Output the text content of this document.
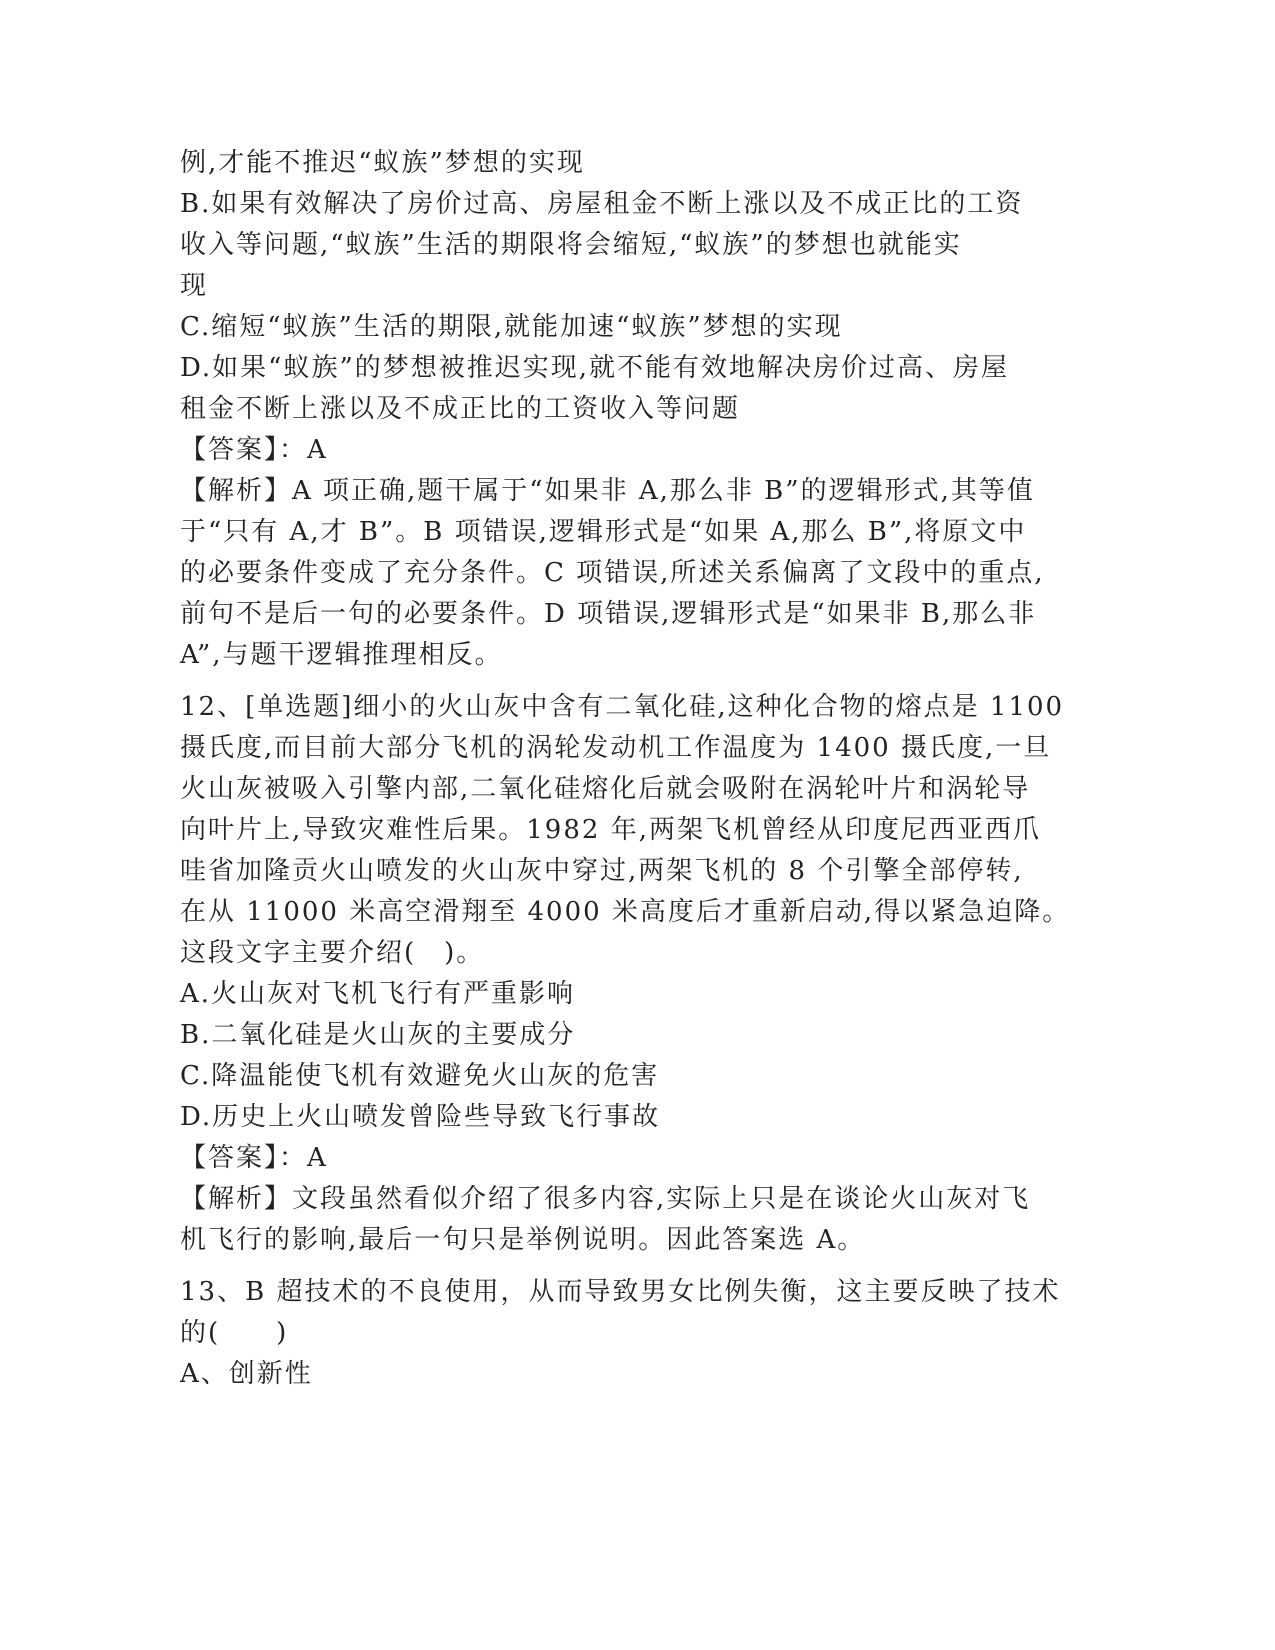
例,才能不推迟“蚁族”梦想的实现
B.如果有效解决了房价过高、房屋租金不断上涨以及不成正比的工资
收入等问题,“蚁族”生活的期限将会缩短,“蚁族”的梦想也就能实
现
C.缩短“蚁族”生活的期限,就能加速“蚁族”梦想的实现
D.如果“蚁族”的梦想被推迟实现,就不能有效地解决房价过高、房屋
租金不断上涨以及不成正比的工资收入等问题
【答案】：A
【解析】A 项正确,题干属于“如果非 A,那么非 B”的逻辑形式,其等值
于“只有 A,才 B”。B 项错误,逻辑形式是“如果 A,那么 B”,将原文中
的必要条件变成了充分条件。C 项错误,所述关系偏离了文段中的重点,
前句不是后一句的必要条件。D 项错误,逻辑形式是“如果非 B,那么非
A”,与题干逻辑推理相反。
12、[单选题]细小的火山灰中含有二氧化硅,这种化合物的熔点是 1100
摄氏度,而目前大部分飞机的涡轮发动机工作温度为 1400 摄氏度,一旦
火山灰被吸入引擎内部,二氧化硅熔化后就会吸附在涡轮叶片和涡轮导
向叶片上,导致灾难性后果。1982 年,两架飞机曾经从印度尼西亚西爪
哇省加隆贡火山喷发的火山灰中穿过,两架飞机的 8 个引擎全部停转,
在从 11000 米高空滑翔至 4000 米高度后才重新启动,得以紧急迫降。
这段文字主要介绍(　)。
A.火山灰对飞机飞行有严重影响
B.二氧化硅是火山灰的主要成分
C.降温能使飞机有效避免火山灰的危害
D.历史上火山喷发曾险些导致飞行事故
【答案】：A
【解析】文段虽然看似介绍了很多内容,实际上只是在谈论火山灰对飞
机飞行的影响,最后一句只是举例说明。因此答案选 A。
13、B 超技术的不良使用，从而导致男女比例失衡，这主要反映了技术
的(　　)
A、创新性
